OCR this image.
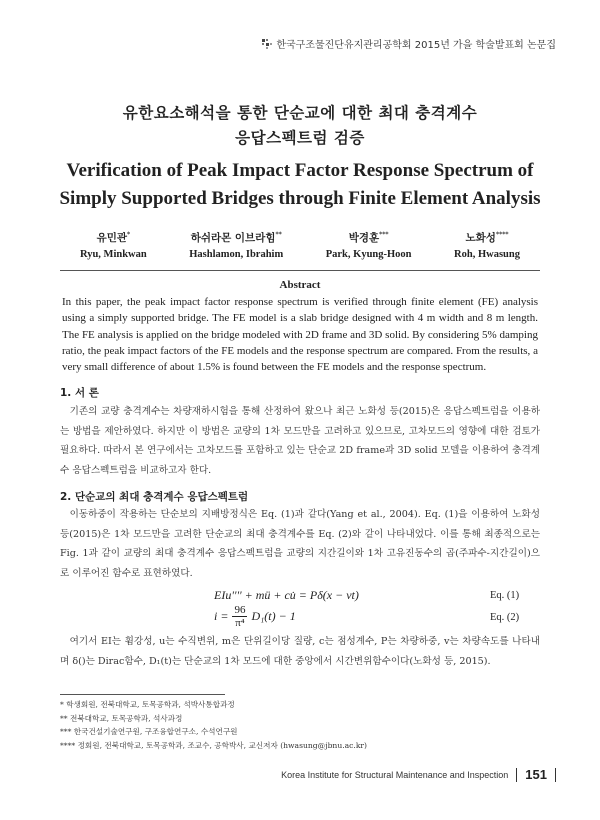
한국구조물진단유지관리공학회 2015년 가을 학술발표회 논문집
유한요소해석을 통한 단순교에 대한 최대 충격계수
응답스펙트럼 검증
Verification of Peak Impact Factor Response Spectrum of
Simply Supported Bridges through Finite Element Analysis
유민관*
Ryu, Minkwan
하쉬라몬 이브라힘**
Hashlamon, Ibrahim
박경훈***
Park, Kyung-Hoon
노화성****
Roh, Hwasung
Abstract
In this paper, the peak impact factor response spectrum is verified through finite element (FE) analysis using a simply supported bridge. The FE model is a slab bridge designed with 4 m width and 8 m length. The FE analysis is applied on the bridge modeled with 2D frame and 3D solid. By considering 5% damping ratio, the peak impact factors of the FE models and the response spectrum are compared. From the results, a very small difference of about 1.5% is found between the FE models and the response spectrum.
1. 서 론
기존의 교량 충격계수는 차량재하시험을 통해 산정하여 왔으나 최근 노화성 등(2015)은 응답스펙트럼을 이용하는 방법을 제안하였다. 하지만 이 방법은 교량의 1차 모드만을 고려하고 있으므로, 고차모드의 영향에 대한 검토가 필요하다. 따라서 본 연구에서는 고차모드를 포함하고 있는 단순교 2D frame과 3D solid 모델을 이용하여 충격계수 응답스펙트럼을 비교하고자 한다.
2. 단순교의 최대 충격계수 응답스펙트럼
이동하중이 작용하는 단순보의 지배방정식은 Eq. (1)과 같다(Yang et al., 2004). Eq. (1)을 이용하여 노화성 등(2015)은 1차 모드만을 고려한 단순교의 최대 충격계수를 Eq. (2)와 같이 나타내었다. 이를 통해 최종적으로는 Fig. 1과 같이 교량의 최대 충격계수 응답스펙트럼을 교량의 지간길이와 1차 고유진동수의 곱(주파수-지간길이)으로 이루어진 함수로 표현하였다.
EIu'''' + mü + cu̇ = Pδ(x − vt)	Eq. (1)
$i = \frac{96}{\text{π⁴}} D_1(t) - 1$	Eq. (2)
여기서 EI는 휨강성, u는 수직변위, m은 단위길이당 질량, c는 점성계수, P는 차량하중, v는 차량속도를 나타내며 δ()는 Dirac함수, D₁(t)는 단순교의 1차 모드에 대한 중앙에서 시간변위함수이다(노화성 등, 2015).
* 학생회원, 전북대학교, 토목공학과, 석박사통합과정
** 전북대학교, 토목공학과, 석사과정
*** 한국건설기술연구원, 구조융합연구소, 수석연구원
**** 정회원, 전북대학교, 토목공학과, 조교수, 공학박사, 교신저자 (hwasung@jbnu.ac.kr)
Korea Institute for Structural Maintenance and Inspection 151
